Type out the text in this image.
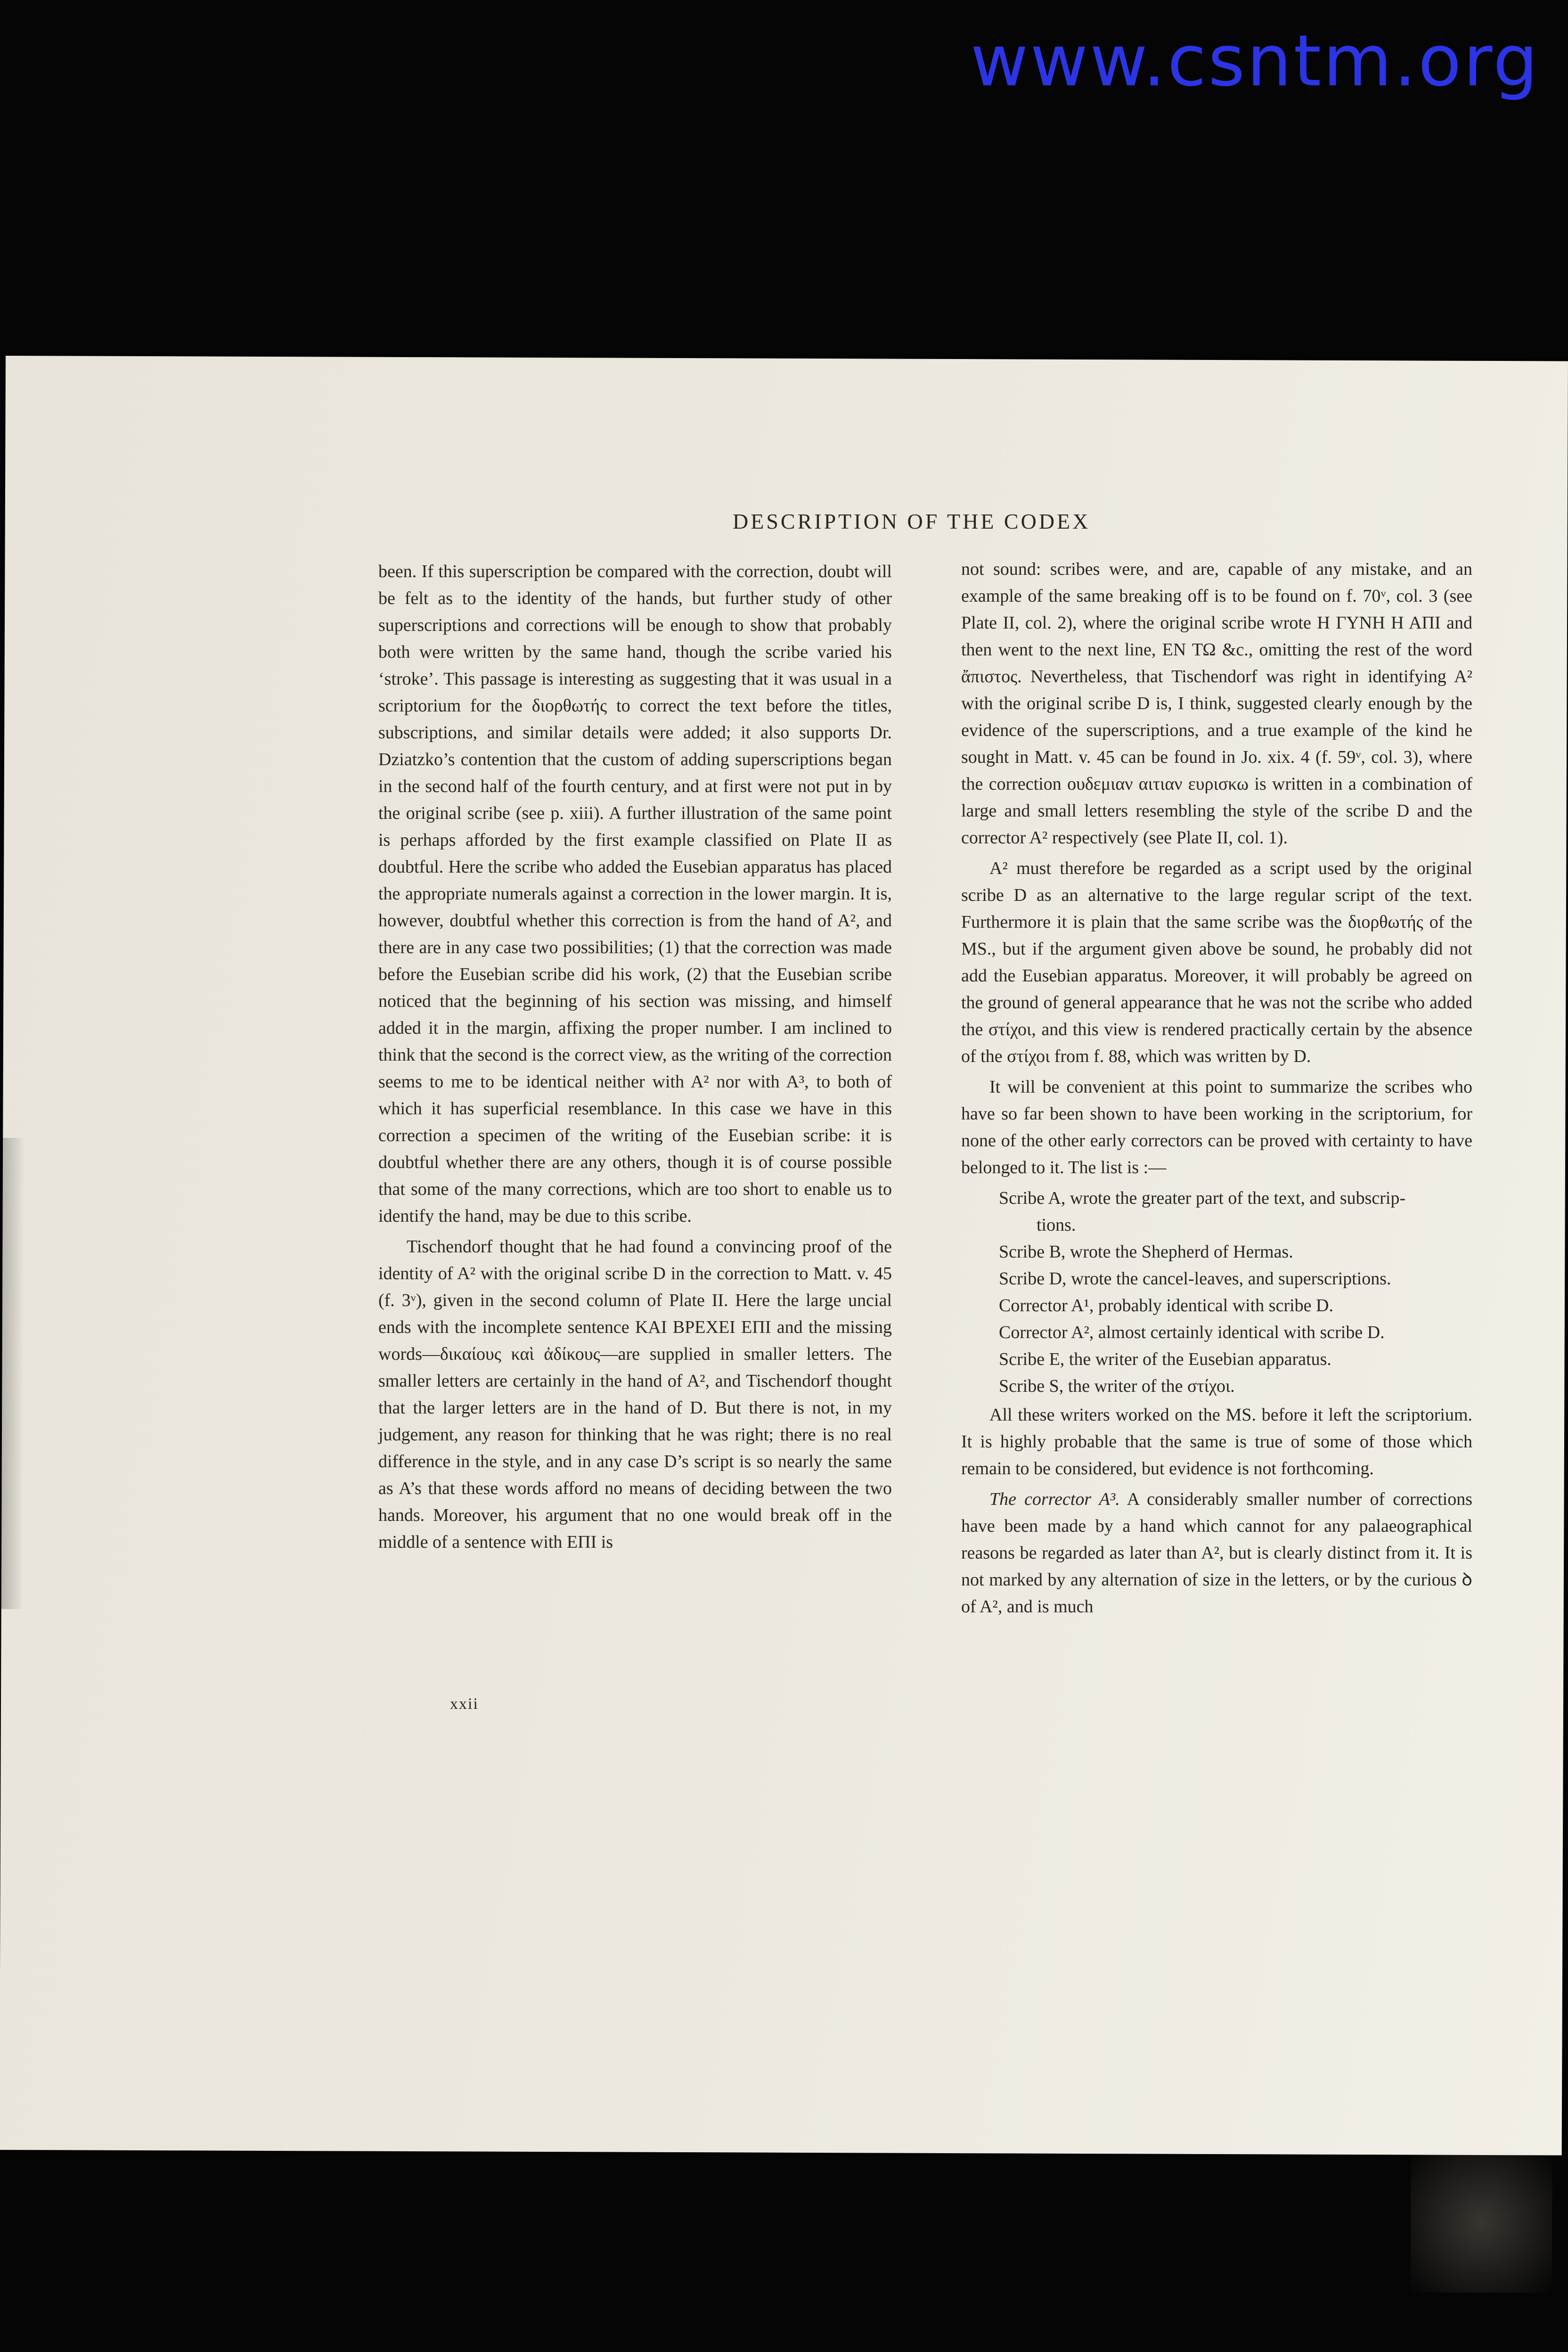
www.csntm.org
DESCRIPTION OF THE CODEX

been. If this superscription be compared with the correction, doubt will be felt as to the identity of the hands, but further study of other superscriptions and corrections will be enough to show that probably both were written by the same hand, though the scribe varied his ‘stroke’. This passage is interesting as suggesting that it was usual in a scriptorium for the διορθωτής to correct the text before the titles, subscriptions, and similar details were added; it also supports Dr. Dziatzko’s contention that the custom of adding superscriptions began in the second half of the fourth century, and at first were not put in by the original scribe (see p. xiii). A further illustration of the same point is perhaps afforded by the first example classified on Plate II as doubtful. Here the scribe who added the Eusebian apparatus has placed the appropriate numerals against a correction in the lower margin. It is, however, doubtful whether this correction is from the hand of A², and there are in any case two possibilities; (1) that the correction was made before the Eusebian scribe did his work, (2) that the Eusebian scribe noticed that the beginning of his section was missing, and himself added it in the margin, affixing the proper number. I am inclined to think that the second is the correct view, as the writing of the correction seems to me to be identical neither with A² nor with A³, to both of which it has superficial resemblance. In this case we have in this correction a specimen of the writing of the Eusebian scribe: it is doubtful whether there are any others, though it is of course possible that some of the many corrections, which are too short to enable us to identify the hand, may be due to this scribe.

Tischendorf thought that he had found a convincing proof of the identity of A² with the original scribe D in the correction to Matt. v. 45 (f. 3ᵛ), given in the second column of Plate II. Here the large uncial ends with the incomplete sentence ΚΑΙ ΒΡΕΧΕΙ ΕΠΙ and the missing words—δικαίους καὶ ἀδίκους—are supplied in smaller letters. The smaller letters are certainly in the hand of A², and Tischendorf thought that the larger letters are in the hand of D. But there is not, in my judgement, any reason for thinking that he was right; there is no real difference in the style, and in any case D’s script is so nearly the same as A’s that these words afford no means of deciding between the two hands. Moreover, his argument that no one would break off in the middle of a sentence with ΕΠΙ is

not sound: scribes were, and are, capable of any mistake, and an example of the same breaking off is to be found on f. 70ᵛ, col. 3 (see Plate II, col. 2), where the original scribe wrote Η ΓΥΝΗ Η ΑΠΙ and then went to the next line, ΕΝ ΤΩ &c., omitting the rest of the word ἄπιστος. Nevertheless, that Tischendorf was right in identifying A² with the original scribe D is, I think, suggested clearly enough by the evidence of the superscriptions, and a true example of the kind he sought in Matt. v. 45 can be found in Jo. xix. 4 (f. 59ᵛ, col. 3), where the correction ουδεμιαν αιτιαν ευρισκω is written in a combination of large and small letters resembling the style of the scribe D and the corrector A² respectively (see Plate II, col. 1).

A² must therefore be regarded as a script used by the original scribe D as an alternative to the large regular script of the text. Furthermore it is plain that the same scribe was the διορθωτής of the MS., but if the argument given above be sound, he probably did not add the Eusebian apparatus. Moreover, it will probably be agreed on the ground of general appearance that he was not the scribe who added the στίχοι, and this view is rendered practically certain by the absence of the στίχοι from f. 88, which was written by D.

It will be convenient at this point to summarize the scribes who have so far been shown to have been working in the scriptorium, for none of the other early correctors can be proved with certainty to have belonged to it. The list is :—

Scribe A, wrote the greater part of the text, and subscrip-
tions.
Scribe B, wrote the Shepherd of Hermas.
Scribe D, wrote the cancel-leaves, and superscriptions.
Corrector A¹, probably identical with scribe D.
Corrector A², almost certainly identical with scribe D.
Scribe E, the writer of the Eusebian apparatus.
Scribe S, the writer of the στίχοι.

All these writers worked on the MS. before it left the scriptorium. It is highly probable that the same is true of some of those which remain to be considered, but evidence is not forthcoming.

The corrector A³. A considerably smaller number of corrections have been made by a hand which cannot for any palaeographical reasons be regarded as later than A², but is clearly distinct from it. It is not marked by any alternation of size in the letters, or by the curious ꝺ of A², and is much

xxii
